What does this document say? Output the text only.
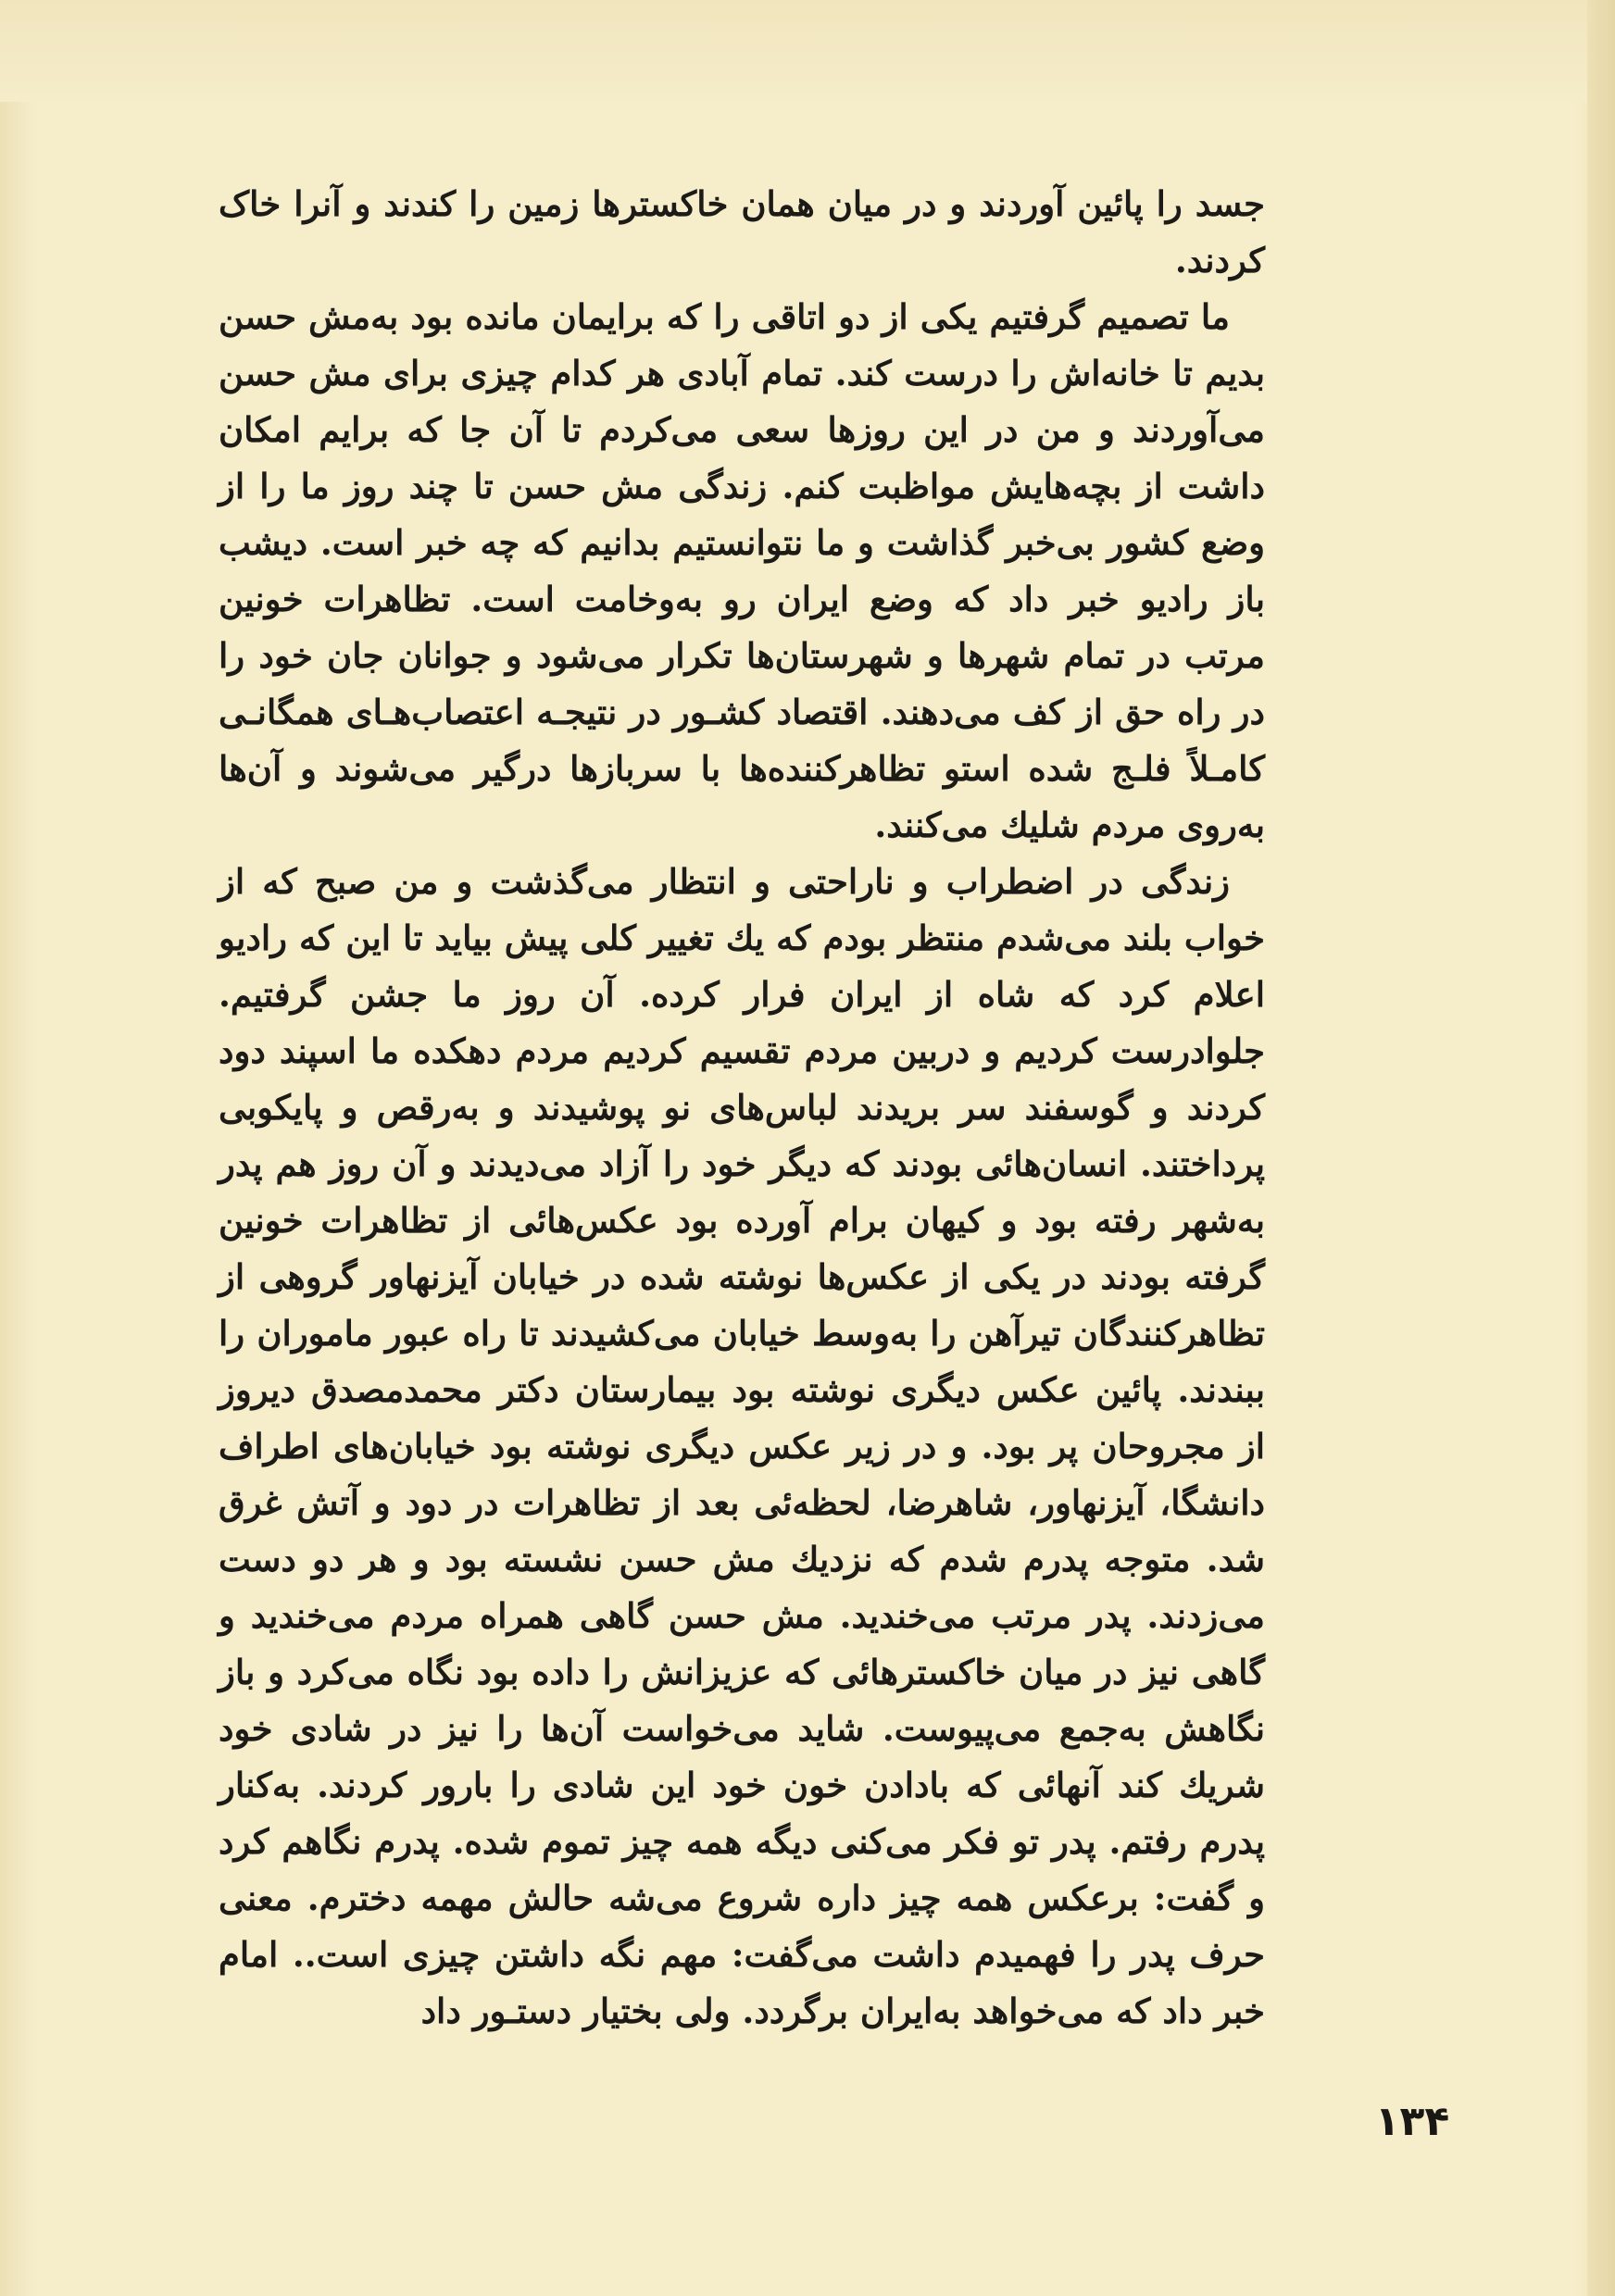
جسد را پائین آوردند و در میان همان خاکسترها زمین را کندند و آنرا خاک کردند.

ما تصمیم گرفتیم یکی از دو اتاقی را که برایمان مانده بود به‌مش حسن بدیم تا خانه‌اش را درست کند. تمام آبادی هر کدام چیزی برای مش حسن می‌آوردند و من در این روزها سعی می‌کردم تا آن جا که برایم امکان داشت از بچه‌هایش مواظبت کنم. زندگی مش حسن تا چند روز ما را از وضع کشور بی‌خبر گذاشت و ما نتوانستیم بدانیم که چه خبر است. دیشب باز رادیو خبر داد که وضع ایران رو به‌وخامت است. تظاهرات خونین مرتب در تمام شهرها و شهرستان‌ها تکرار می‌شود و جوانان جان خود را در راه حق از کف می‌دهند. اقتصاد کشـور در نتیجـه اعتصاب‌هـای همگانـی کامـلاً فلـج شده استو تظاهرکننده‌ها با سربازها درگیر می‌شوند و آن‌ها به‌روی مردم شلیك می‌کنند.

زندگی در اضطراب و ناراحتی و انتظار می‌گذشت و من صبح که از خواب بلند می‌شدم منتظر بودم که یك تغییر کلی پیش بیاید تا این که رادیو اعلام کرد که شاه از ایران فرار کرده. آن روز ما جشن گرفتیم. جلوادرست کردیم و دربین مردم تقسیم کردیم مردم دهکده ما اسپند دود کردند و گوسفند سر بریدند لباس‌های نو پوشیدند و به‌رقص و پایکوبی پرداختند. انسان‌هائی بودند که دیگر خود را آزاد می‌دیدند و آن روز هم پدر به‌شهر رفته بود و کیهان برام آورده بود عکس‌هائی از تظاهرات خونین گرفته بودند در یکی از عکس‌ها نوشته شده در خیابان آیزنهاور گروهی از تظاهرکنندگان تیرآهن را به‌وسط خیابان می‌کشیدند تا راه عبور ماموران را ببندند. پائین عکس دیگری نوشته بود بیمارستان دکتر محمدمصدق دیروز از مجروحان پر بود. و در زیر عکس دیگری نوشته بود خیابان‌های اطراف دانشگا، آیزنهاور، شاهرضا، لحظه‌ئی بعد از تظاهرات در دود و آتش غرق شد. متوجه پدرم شدم که نزدیك مش حسن نشسته بود و هر دو دست می‌زدند. پدر مرتب می‌خندید. مش حسن گاهی همراه مردم می‌خندید و گاهی نیز در میان خاکسترهائی که عزیزانش را داده بود نگاه می‌کرد و باز نگاهش به‌جمع می‌پیوست. شاید می‌خواست آن‌ها را نیز در شادی خود شریك کند آنهائی که بادادن خون خود این شادی را بارور کردند. به‌کنار پدرم رفتم. پدر تو فکر می‌کنی دیگه همه چیز تموم شده. پدرم نگاهم کرد و گفت: برعکس همه چیز داره شروع می‌شه حالش مهمه دخترم. معنی حرف پدر را فهمیدم داشت می‌گفت: مهم نگه داشتن چیزی است.. امام خبر داد که می‌خواهد به‌ایران برگردد. ولی بختیار دستـور داد

۱۳۴
